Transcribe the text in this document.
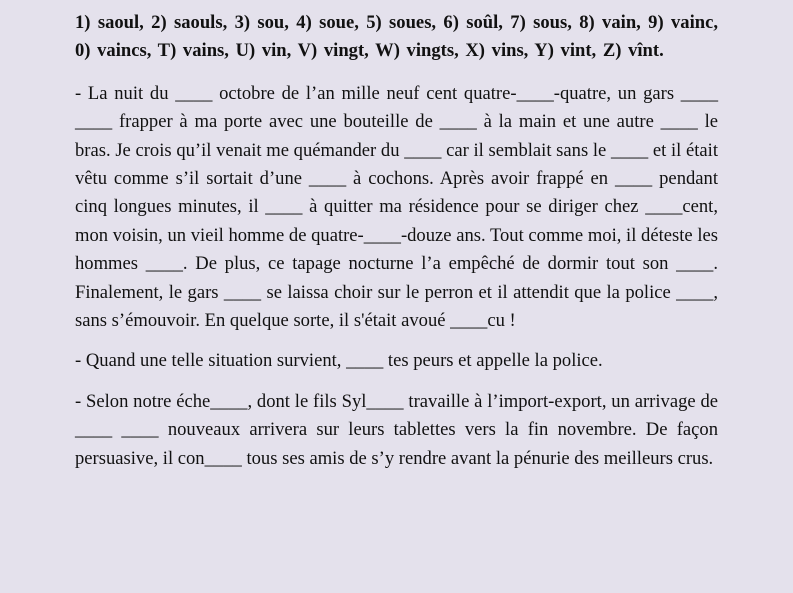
1) saoul, 2) saouls, 3) sou, 4) soue, 5) soues, 6) soûl, 7) sous, 8) vain, 9) vainc, 0) vaincs, T) vains, U) vin, V) vingt, W) vingts, X) vins, Y) vint, Z) vînt.

- La nuit du ____ octobre de l’an mille neuf cent quatre-____-quatre, un gars ____ ____ frapper à ma porte avec une bouteille de ____ à la main et une autre ____ le bras. Je crois qu’il venait me quémander du ____ car il semblait sans le ____ et il était vêtu comme s’il sortait d’une ____ à cochons. Après avoir frappé en ____ pendant cinq longues minutes, il ____ à quitter ma résidence pour se diriger chez ____cent, mon voisin, un vieil homme de quatre-____-douze ans. Tout comme moi, il déteste les hommes ____. De plus, ce tapage nocturne l’a empêché de dormir tout son ____. Finalement, le gars ____ se laissa choir sur le perron et il attendit que la police ____, sans s’émouvoir. En quelque sorte, il s'était avoué ____cu !

- Quand une telle situation survient, ____ tes peurs et appelle la police.

- Selon notre éche____, dont le fils Syl____ travaille à l’import-export, un arrivage de ____ ____ nouveaux arrivera sur leurs tablettes vers la fin novembre. De façon persuasive, il con____ tous ses amis de s’y rendre avant la pénurie des meilleurs crus.
